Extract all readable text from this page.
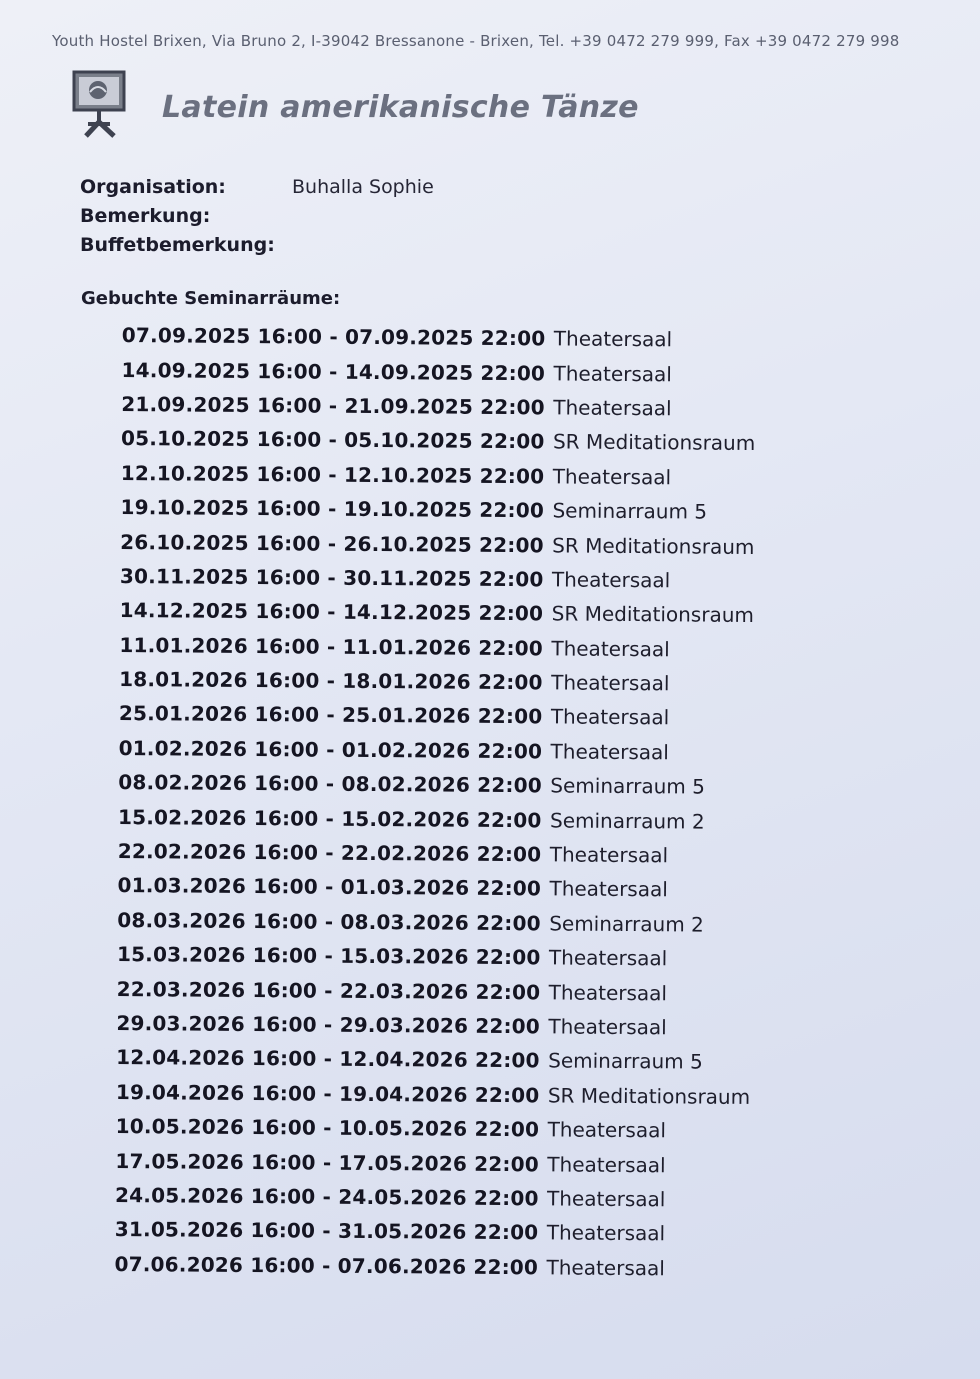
Youth Hostel Brixen, Via Bruno 2, I-39042 Bressanone - Brixen, Tel. +39 0472 279 999, Fax +39 0472 279 998
Latein amerikanische Tänze
Organisation:	Buhalla Sophie
Bemerkung:
Buffetbemerkung:
Gebuchte Seminarräume:
07.09.2025 16:00 - 07.09.2025 22:00 Theatersaal
14.09.2025 16:00 - 14.09.2025 22:00 Theatersaal
21.09.2025 16:00 - 21.09.2025 22:00 Theatersaal
05.10.2025 16:00 - 05.10.2025 22:00 SR Meditationsraum
12.10.2025 16:00 - 12.10.2025 22:00 Theatersaal
19.10.2025 16:00 - 19.10.2025 22:00 Seminarraum 5
26.10.2025 16:00 - 26.10.2025 22:00 SR Meditationsraum
30.11.2025 16:00 - 30.11.2025 22:00 Theatersaal
14.12.2025 16:00 - 14.12.2025 22:00 SR Meditationsraum
11.01.2026 16:00 - 11.01.2026 22:00 Theatersaal
18.01.2026 16:00 - 18.01.2026 22:00 Theatersaal
25.01.2026 16:00 - 25.01.2026 22:00 Theatersaal
01.02.2026 16:00 - 01.02.2026 22:00 Theatersaal
08.02.2026 16:00 - 08.02.2026 22:00 Seminarraum 5
15.02.2026 16:00 - 15.02.2026 22:00 Seminarraum 2
22.02.2026 16:00 - 22.02.2026 22:00 Theatersaal
01.03.2026 16:00 - 01.03.2026 22:00 Theatersaal
08.03.2026 16:00 - 08.03.2026 22:00 Seminarraum 2
15.03.2026 16:00 - 15.03.2026 22:00 Theatersaal
22.03.2026 16:00 - 22.03.2026 22:00 Theatersaal
29.03.2026 16:00 - 29.03.2026 22:00 Theatersaal
12.04.2026 16:00 - 12.04.2026 22:00 Seminarraum 5
19.04.2026 16:00 - 19.04.2026 22:00 SR Meditationsraum
10.05.2026 16:00 - 10.05.2026 22:00 Theatersaal
17.05.2026 16:00 - 17.05.2026 22:00 Theatersaal
24.05.2026 16:00 - 24.05.2026 22:00 Theatersaal
31.05.2026 16:00 - 31.05.2026 22:00 Theatersaal
07.06.2026 16:00 - 07.06.2026 22:00 Theatersaal
